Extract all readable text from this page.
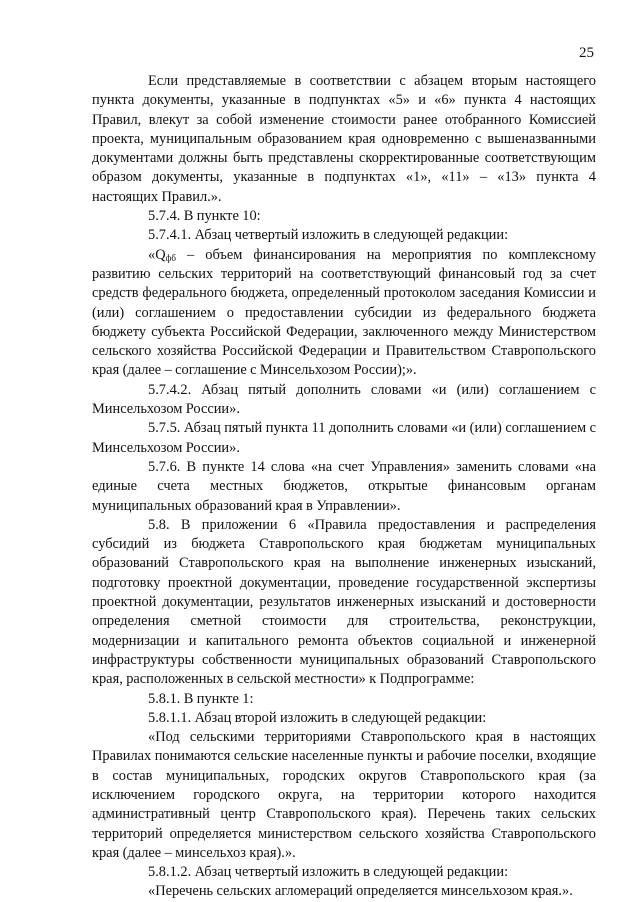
25

Если представляемые в соответствии с абзацем вторым настоящего пункта документы, указанные в подпунктах «5» и «6» пункта 4 настоящих Правил, влекут за собой изменение стоимости ранее отобранного Комиссией проекта, муниципальным образованием края одновременно с вышеназванными документами должны быть представлены скорректированные соответствующим образом документы, указанные в подпунктах «1», «11» – «13» пункта 4 настоящих Правил.».

5.7.4. В пункте 10:

5.7.4.1. Абзац четвертый изложить в следующей редакции:

«$Q_{фб}$ – объем финансирования на мероприятия по комплексному развитию сельских территорий на соответствующий финансовый год за счет средств федерального бюджета, определенный протоколом заседания Комиссии и (или) соглашением о предоставлении субсидии из федерального бюджета бюджету субъекта Российской Федерации, заключенного между Министерством сельского хозяйства Российской Федерации и Правительством Ставропольского края (далее – соглашение с Минсельхозом России);».

5.7.4.2. Абзац пятый дополнить словами «и (или) соглашением с Минсельхозом России».

5.7.5. Абзац пятый пункта 11 дополнить словами «и (или) соглашением с Минсельхозом России».

5.7.6. В пункте 14 слова «на счет Управления» заменить словами «на единые счета местных бюджетов, открытые финансовым органам муниципальных образований края в Управлении».

5.8. В приложении 6 «Правила предоставления и распределения субсидий из бюджета Ставропольского края бюджетам муниципальных образований Ставропольского края на выполнение инженерных изысканий, подготовку проектной документации, проведение государственной экспертизы проектной документации, результатов инженерных изысканий и достоверности определения сметной стоимости для строительства, реконструкции, модернизации и капитального ремонта объектов социальной и инженерной инфраструктуры собственности муниципальных образований Ставропольского края, расположенных в сельской местности» к Подпрограмме:

5.8.1. В пункте 1:

5.8.1.1. Абзац второй изложить в следующей редакции:

«Под сельскими территориями Ставропольского края в настоящих Правилах понимаются сельские населенные пункты и рабочие поселки, входящие в состав муниципальных, городских округов Ставропольского края (за исключением городского округа, на территории которого находится административный центр Ставропольского края). Перечень таких сельских территорий определяется министерством сельского хозяйства Ставропольского края (далее – минсельхоз края).».

5.8.1.2. Абзац четвертый изложить в следующей редакции:

«Перечень сельских агломераций определяется минсельхозом края.».
